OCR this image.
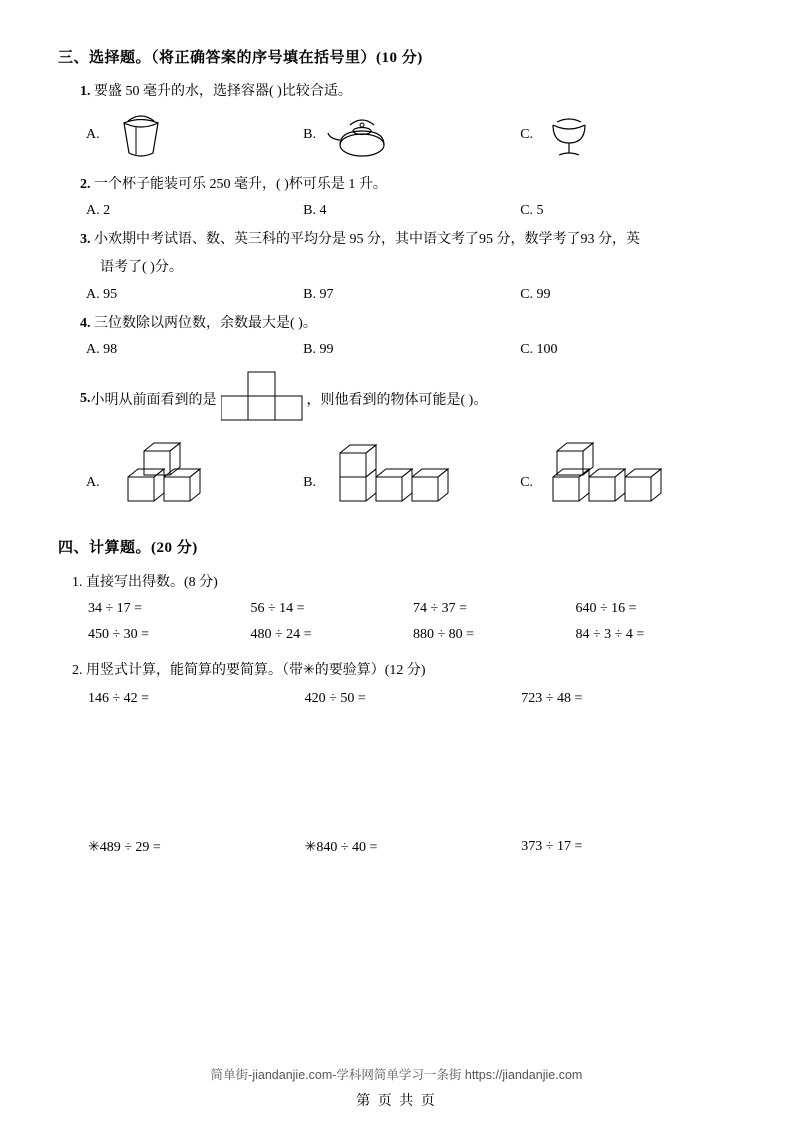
三、选择题。（将正确答案的序号填在括号里）(10 分)
1. 要盛 50 毫升的水，选择容器( )比较合适。
A.	B.	C.
2. 一个杯子能装可乐 250 毫升，( )杯可乐是 1 升。
A. 2	B. 4	C. 5
3. 小欢期中考试语、数、英三科的平均分是 95 分，其中语文考了95 分，数学考了93 分，英
语考了( )分。
A. 95	B. 97	C. 99
4. 三位数除以两位数，余数最大是( )。
A. 98	B. 99	C. 100
5. 小明从前面看到的是	，则他看到的物体可能是( )。
A.	B.	C.
四、计算题。(20 分)
1. 直接写出得数。(8 分)
34 ÷ 17 =	56 ÷ 14 =	74 ÷ 37 =	640 ÷ 16 =
450 ÷ 30 =	480 ÷ 24 =	880 ÷ 80 =	84 ÷ 3 ÷ 4 =
2. 用竖式计算，能简算的要简算。（带✳的要验算）(12 分)
146 ÷ 42 =	420 ÷ 50 =	723 ÷ 48 =
✳489 ÷ 29 =	✳840 ÷ 40 =	373 ÷ 17 =
简单街-jiandanjie.com-学科网简单学习一条街 https://jiandanjie.com
第 页 共 页
